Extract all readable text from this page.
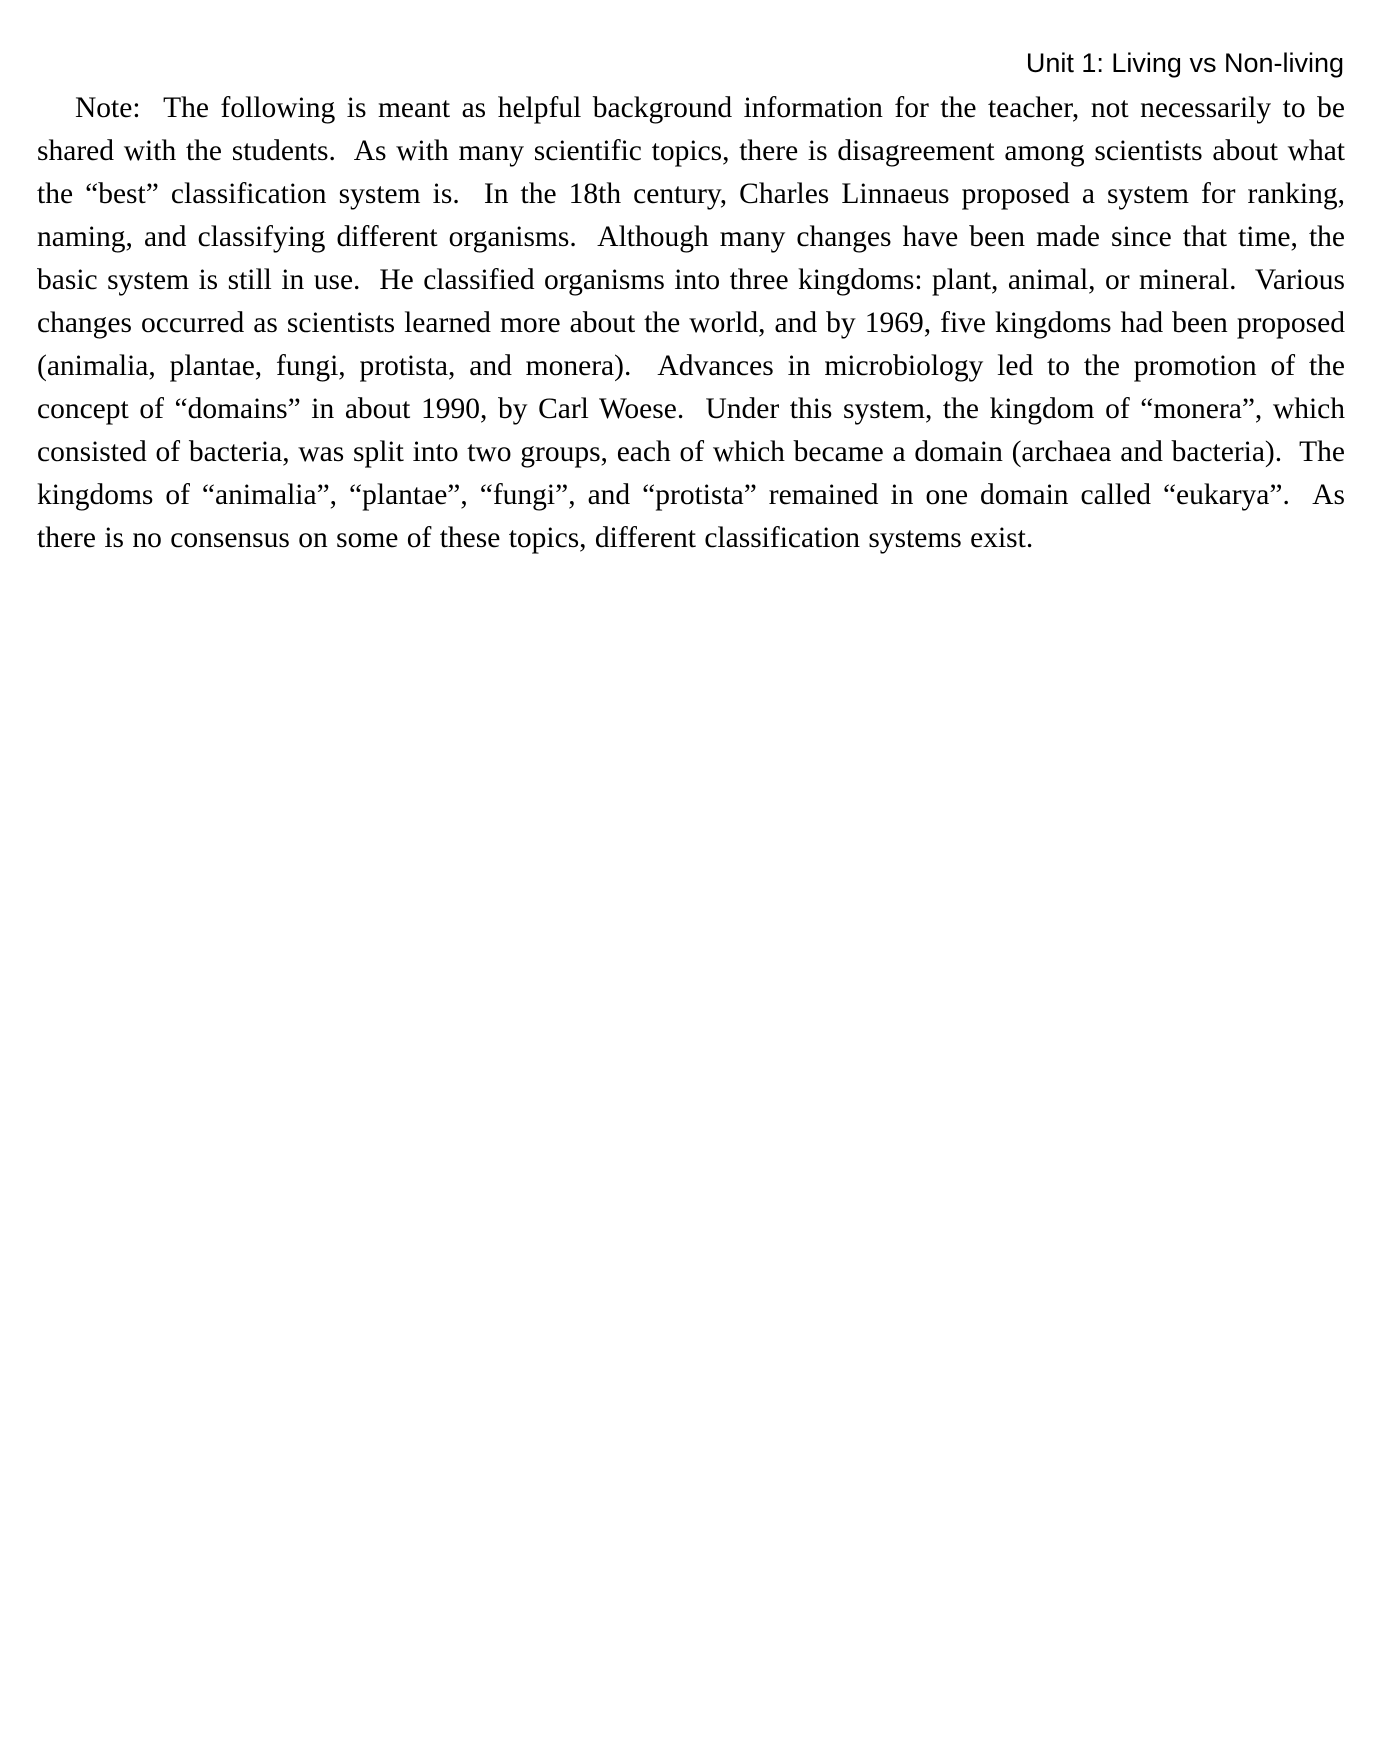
Unit 1: Living vs Non-living
Note:  The following is meant as helpful background information for the teacher, not necessarily to be shared with the students.  As with many scientific topics, there is disagreement among scientists about what the “best” classification system is.  In the 18th century, Charles Linnaeus proposed a system for ranking, naming, and classifying different organisms.  Although many changes have been made since that time, the basic system is still in use.  He classified organisms into three kingdoms: plant, animal, or mineral.  Various changes occurred as scientists learned more about the world, and by 1969, five kingdoms had been proposed (animalia, plantae, fungi, protista, and monera).  Advances in microbiology led to the promotion of the concept of “domains” in about 1990, by Carl Woese.  Under this system, the kingdom of “monera”, which consisted of bacteria, was split into two groups, each of which became a domain (archaea and bacteria).  The kingdoms of “animalia”, “plantae”, “fungi”, and “protista” remained in one domain called “eukarya”.  As there is no consensus on some of these topics, different classification systems exist.
